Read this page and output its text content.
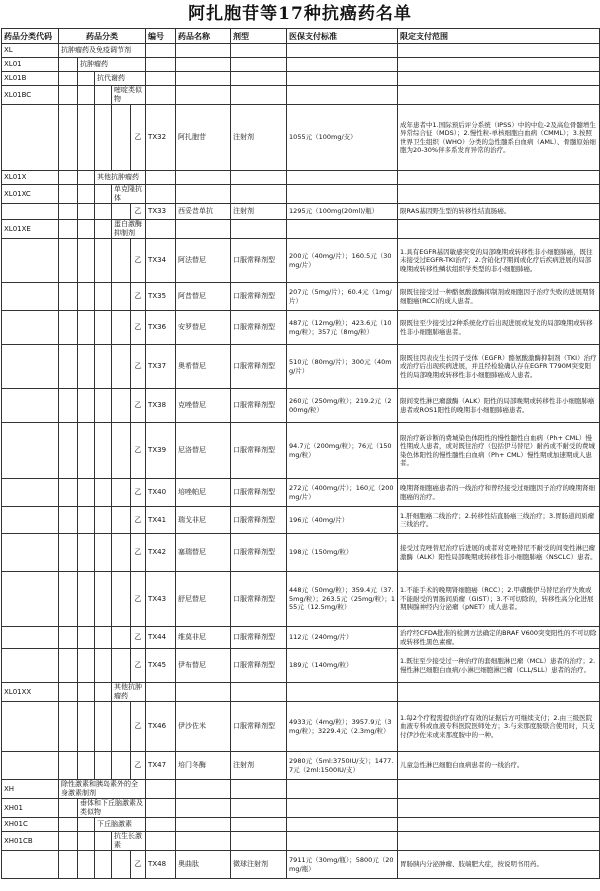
阿扎胞苷等17种抗癌药名单
药品分类代码	药品分类					编号	药品名称	剂型	医保支付标准	限定支付范围
XL	抗肿瘤药及免疫调节剂									
XL01		抗肿瘤药								
XL01B			抗代谢药							
XL01BC				嘧啶类似物						
					乙	TX32	阿扎胞苷	注射剂	1055元（100mg/支）	成年患者中1.国际预后评分系统（IPSS）中的中危-2及高危骨髓增生异常综合征（MDS）；2.慢性粒-单核细胞白血病（CMML）；3.按照世界卫生组织（WHO）分类的急性髓系白血病（AML）、骨髓原始细胞为20-30%伴多系发育异常的治疗。
XL01X			其他抗肿瘤药							
XL01XC				单克隆抗体						
					乙	TX33	西妥昔单抗	注射剂	1295元（100mg(20ml)/瓶）	限RAS基因野生型的转移性结直肠癌。
XL01XE				蛋白激酶抑制剂						
					乙	TX34	阿法替尼	口服常释剂型	200元（40mg/片）；160.5元（30mg/片）	1.具有EGFR基因敏感突变的局部晚期或转移性非小细胞肺癌，既往未接受过EGFR-TKI治疗；2.含铂化疗期间或化疗后疾病进展的局部晚期或转移性鳞状组织学类型的非小细胞肺癌。
					乙	TX35	阿昔替尼	口服常释剂型	207元（5mg/片）；60.4元（1mg/片）	限既往接受过一种酪氨酸激酶抑制剂或细胞因子治疗失败的进展期肾细胞癌(RCC)的成人患者。
					乙	TX36	安罗替尼	口服常释剂型	487元（12mg/粒）；423.6元（10mg/粒）；357元（8mg/粒）	限既往至少接受过2种系统化疗后出现进展或复发的局部晚期或转移性非小细胞肺癌患者。
					乙	TX37	奥希替尼	口服常释剂型	510元（80mg/片）；300元（40mg/片）	限既往因表皮生长因子受体（EGFR）酪氨酸激酶抑制剂（TKI）治疗或治疗后出现疾病进展，并且经检验确认存在EGFR T790M突变阳性的局部晚期或转移性非小细胞肺癌成人患者。
					乙	TX38	克唑替尼	口服常释剂型	260元（250mg/粒）；219.2元（200mg/粒）	限间变性淋巴瘤激酶（ALK）阳性的局部晚期或转移性非小细胞肺癌患者或ROS1阳性的晚期非小细胞肺癌患者。
					乙	TX39	尼洛替尼	口服常释剂型	94.7元（200mg/粒）；76元（150mg/粒）	限治疗新诊断的费城染色体阳性的慢性髓性白血病（Ph+ CML）慢性期成人患者，或对既往治疗（包括伊马替尼）耐药或不耐受的费城染色体阳性的慢性髓性白血病（Ph+ CML）慢性期或加速期成人患者。
					乙	TX40	培唑帕尼	口服常释剂型	272元（400mg/片）；160元（200mg/片）	晚期肾细胞癌患者的一线治疗和曾经接受过细胞因子治疗的晚期肾细胞癌的治疗。
					乙	TX41	瑞戈非尼	口服常释剂型	196元（40mg/片）	1.肝细胞癌二线治疗；2.转移性结直肠癌三线治疗；3.胃肠道间质瘤三线治疗。
					乙	TX42	塞瑞替尼	口服常释剂型	198元（150mg/粒）	接受过克唑替尼治疗后进展的或者对克唑替尼不耐受的间变性淋巴瘤激酶（ALK）阳性局部晚期或转移性非小细胞肺癌（NSCLC）患者。
					乙	TX43	舒尼替尼	口服常释剂型	448元（50mg/粒）；359.4元（37.5mg/粒）；263.5元（25mg/粒）；155元（12.5mg/粒）	1.不能手术的晚期肾细胞癌（RCC）；2.甲磺酸伊马替尼治疗失败或不能耐受的胃肠间质瘤（GIST）；3.不可切除的，转移性高分化进展期胰腺神经内分泌瘤（pNET）成人患者。
					乙	TX44	维莫非尼	口服常释剂型	112元（240mg/片）	治疗经CFDA批准的检测方法确定的BRAF V600突变阳性的不可切除或转移性黑色素瘤。
					乙	TX45	伊布替尼	口服常释剂型	189元（140mg/粒）	1.既往至少接受过一种治疗的套细胞淋巴瘤（MCL）患者的治疗；2.慢性淋巴细胞白血病/小淋巴细胞淋巴瘤（CLL/SLL）患者的治疗。
XL01XX				其他抗肿瘤药						
					乙	TX46	伊沙佐米	口服常释剂型	4933元（4mg/粒）；3957.9元（3mg/粒）；3229.4元（2.3mg/粒）	1.每2个疗程需提供治疗有效的证据后方可继续支付；2.由三级医院血液专科或血液专科医院医师处方；3.与来那度胺联合使用时，只支付伊沙佐米或来那度胺中的一种。
					乙	TX47	培门冬酶	注射剂	2980元（5ml:3750IU/支）；1477.7元（2ml:1500IU/支）	儿童急性淋巴细胞白血病患者的一线治疗。
XH	除性激素和胰岛素外的全身激素制剂									
XH01		垂体和下丘脑激素及类似物								
XH01C			下丘脑激素							
XH01CB				抗生长激素						
					乙	TX48	奥曲肽	微球注射剂	7911元（30mg/瓶）；5800元（20mg/瓶）	胃肠胰内分泌肿瘤、肢端肥大症，按说明书用药。
